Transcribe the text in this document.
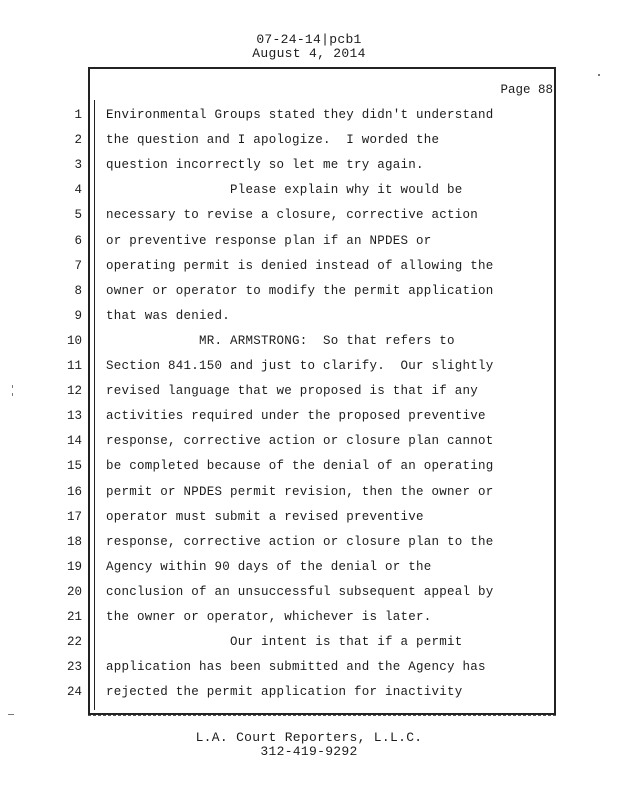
07-24-14|pcb1
August 4, 2014
Page 88
1 Environmental Groups stated they didn't understand
2 the question and I apologize.  I worded the
3 question incorrectly so let me try again.
4 Please explain why it would be
5 necessary to revise a closure, corrective action
6 or preventive response plan if an NPDES or
7 operating permit is denied instead of allowing the
8 owner or operator to modify the permit application
9 that was denied.
10 MR. ARMSTRONG:  So that refers to
11 Section 841.150 and just to clarify.  Our slightly
12 revised language that we proposed is that if any
13 activities required under the proposed preventive
14 response, corrective action or closure plan cannot
15 be completed because of the denial of an operating
16 permit or NPDES permit revision, then the owner or
17 operator must submit a revised preventive
18 response, corrective action or closure plan to the
19 Agency within 90 days of the denial or the
20 conclusion of an unsuccessful subsequent appeal by
21 the owner or operator, whichever is later.
22 Our intent is that if a permit
23 application has been submitted and the Agency has
24 rejected the permit application for inactivity
L.A. Court Reporters, L.L.C.
312-419-9292
